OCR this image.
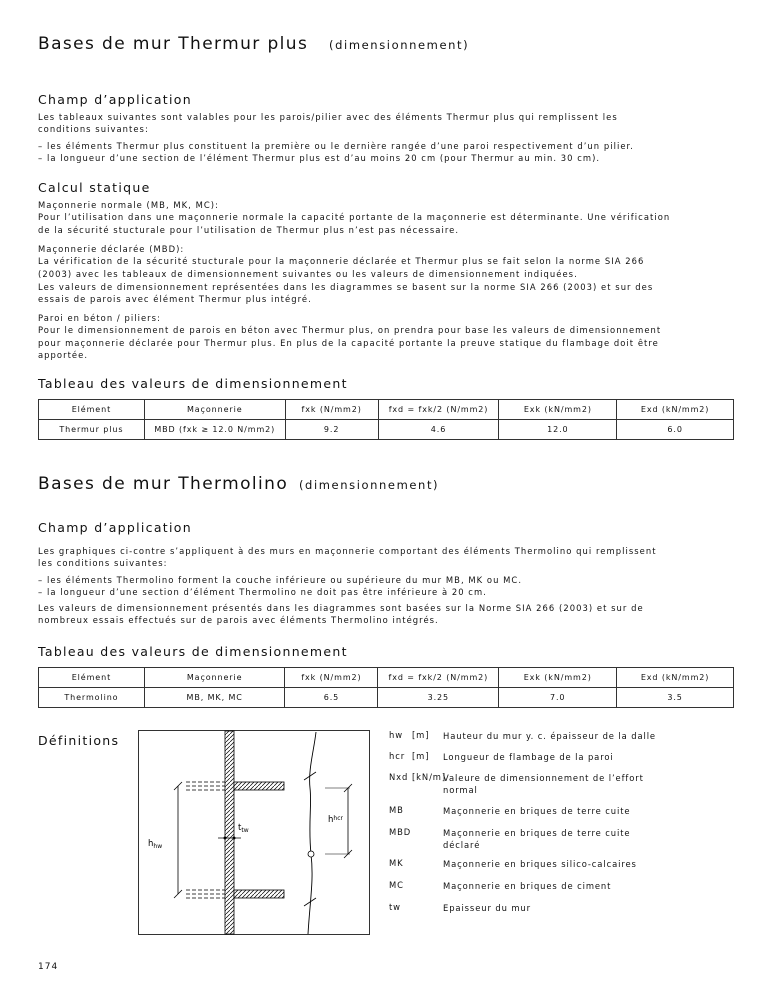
Bases de mur Thermur plus (dimensionnement)
Champ d’application
Les tableaux suivantes sont valables pour les parois/pilier avec des éléments Thermur plus qui remplissent les
conditions suivantes:
– les éléments Thermur plus constituent la première ou le dernière rangée d’une paroi respectivement d’un pilier.
– la longueur d’une section de l’élément Thermur plus est d’au moins 20 cm (pour Thermur au min. 30 cm).
Calcul statique
Maçonnerie normale (MB, MK, MC):
Pour l’utilisation dans une maçonnerie normale la capacité portante de la maçonnerie est déterminante. Une vérification
de la sécurité stucturale pour l’utilisation de Thermur plus n’est pas nécessaire.
Maçonnerie déclarée (MBD):
La vérification de la sécurité stucturale pour la maçonnerie déclarée et Thermur plus se fait selon la norme SIA 266
(2003) avec les tableaux de dimensionnement suivantes ou les valeurs de dimensionnement indiquées.
Les valeurs de dimensionnement représentées dans les diagrammes se basent sur la norme SIA 266 (2003) et sur des
essais de parois avec élément Thermur plus intégré.
Paroi en béton / piliers:
Pour le dimensionnement de parois en béton avec Thermur plus, on prendra pour base les valeurs de dimensionnement
pour maçonnerie déclarée pour Thermur plus. En plus de la capacité portante la preuve statique du flambage doit être
apportée.
Tableau des valeurs de dimensionnement
Elément	Maçonnerie	fxk (N/mm2)	fxd = fxk/2 (N/mm2)	Exk (kN/mm2)	Exd (kN/mm2)
Thermur plus	MBD (fxk ≥ 12.0 N/mm2)	9.2	4.6	12.0	6.0
Bases de mur Thermolino (dimensionnement)
Champ d’application
Les graphiques ci-contre s’appliquent à des murs en maçonnerie comportant des éléments Thermolino qui remplissent
les conditions suivantes:
– les éléments Thermolino forment la couche inférieure ou supérieure du mur MB, MK ou MC.
– la longueur d’une section d’élément Thermolino ne doit pas être inférieure à 20 cm.
Les valeurs de dimensionnement présentés dans les diagrammes sont basées sur la Norme SIA 266 (2003) et sur de
nombreux essais effectués sur de parois avec éléments Thermolino intégrés.
Tableau des valeurs de dimensionnement
Elément	Maçonnerie	fxk (N/mm2)	fxd = fxk/2 (N/mm2)	Exk (kN/mm2)	Exd (kN/mm2)
Thermolino	MB, MK, MC	6.5	3.25	7.0	3.5
Définitions
$h_{hw}$
$t_{tw}$
$h^{hcr}$
hw [m] Hauteur du mur y. c. épaisseur de la dalle
hcr [m] Longueur de flambage de la paroi
Nxd [kN/m]
Valeure de dimensionnement de l’effort
normal
MB	Maçonnerie en briques de terre cuite
MBD	Maçonnerie en briques de terre cuite
déclaré
MK	Maçonnerie en briques silico-calcaires
MC	Maçonnerie en briques de ciment
tw	Epaisseur du mur
174
